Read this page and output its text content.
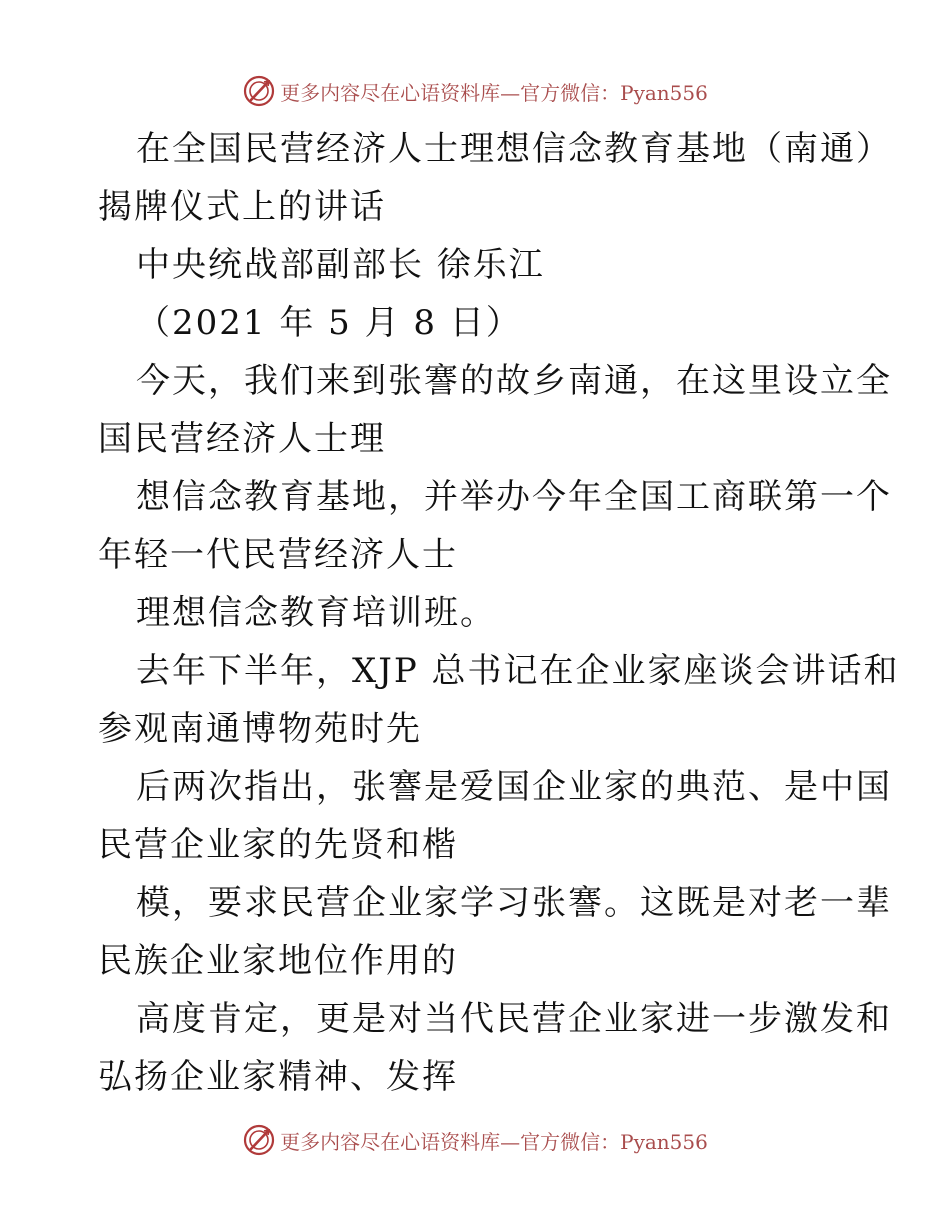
更多内容尽在心语资料库—官方微信：Pyan556
在全国民营经济人士理想信念教育基地（南通）
揭牌仪式上的讲话
中央统战部副部长 徐乐江
（2021 年 5 月 8 日）
今天，我们来到张謇的故乡南通，在这里设立全
国民营经济人士理
想信念教育基地，并举办今年全国工商联第一个
年轻一代民营经济人士
理想信念教育培训班。
去年下半年，XJP 总书记在企业家座谈会讲话和
参观南通博物苑时先
后两次指出，张謇是爱国企业家的典范、是中国
民营企业家的先贤和楷
模，要求民营企业家学习张謇。这既是对老一辈
民族企业家地位作用的
高度肯定，更是对当代民营企业家进一步激发和
弘扬企业家精神、发挥
更多内容尽在心语资料库—官方微信：Pyan556
